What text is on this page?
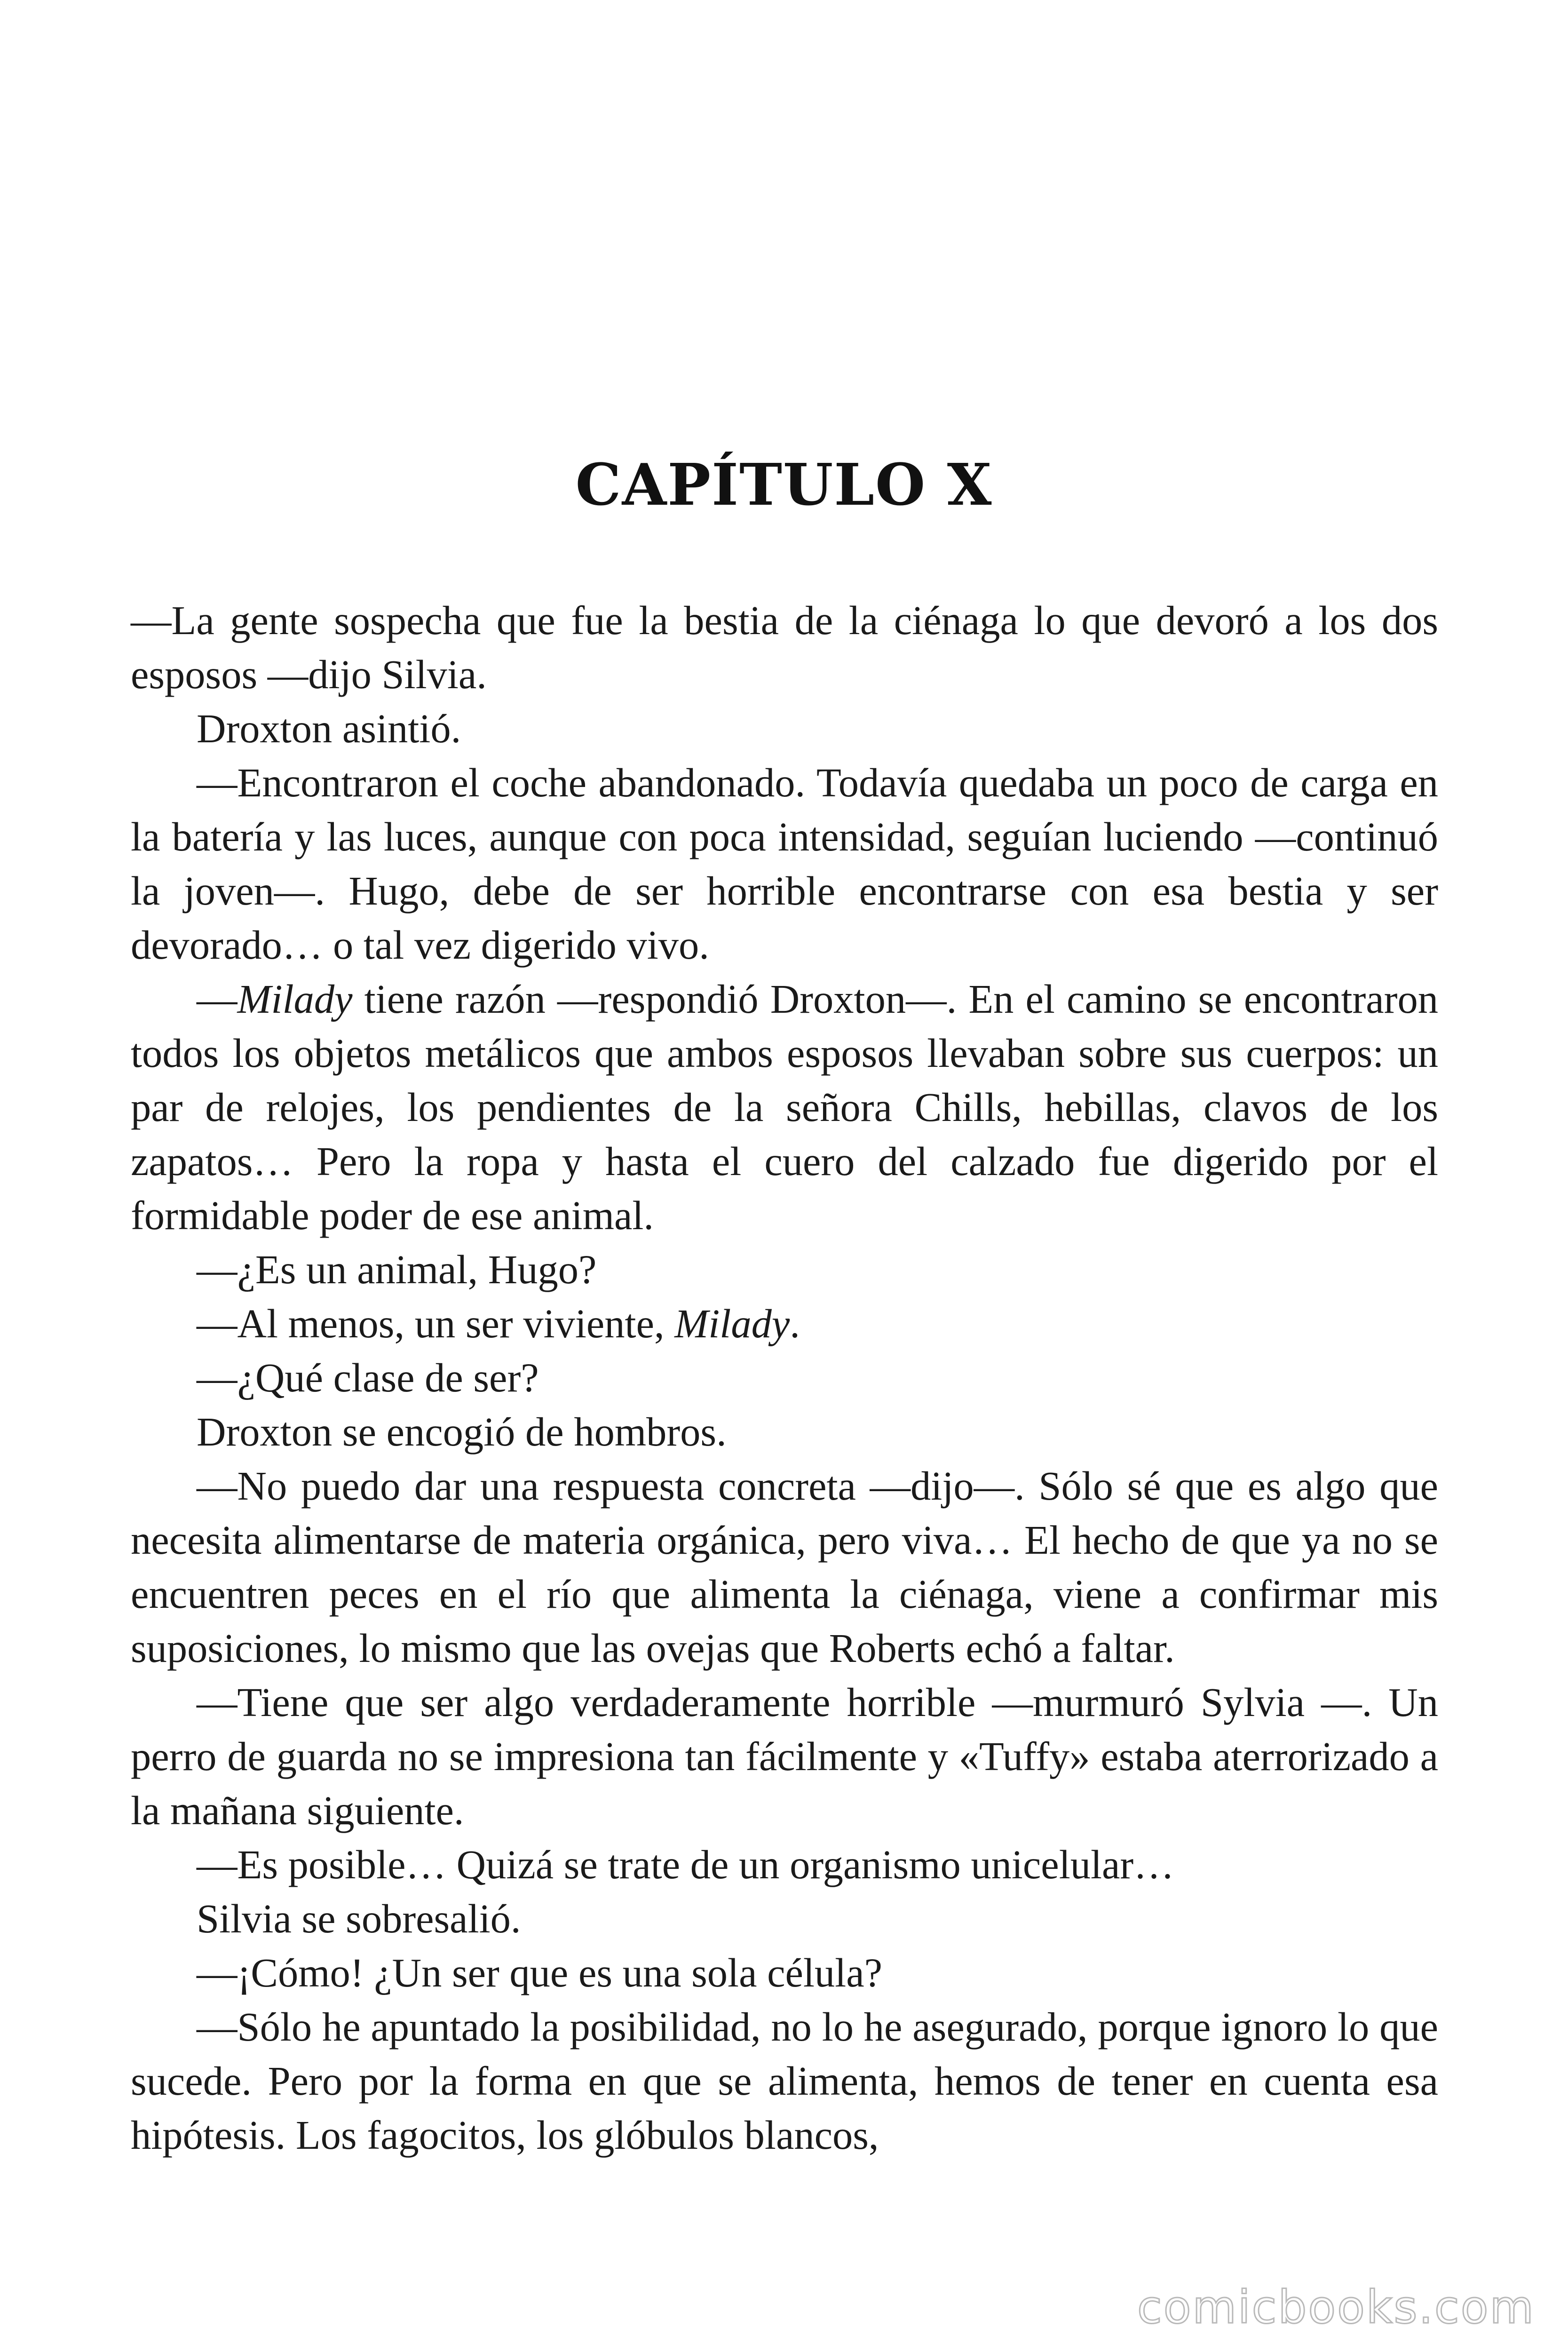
CAPÍTULO X

—La gente sospecha que fue la bestia de la ciénaga lo que devoró a los dos esposos —dijo Silvia.

Droxton asintió.

—Encontraron el coche abandonado. Todavía quedaba un poco de carga en la batería y las luces, aunque con poca intensidad, seguían luciendo —continuó la joven—. Hugo, debe de ser horrible encontrarse con esa bestia y ser devorado… o tal vez digerido vivo.

—Milady tiene razón —respondió Droxton—. En el camino se encontraron todos los objetos metálicos que ambos esposos llevaban sobre sus cuerpos: un par de relojes, los pendientes de la señora Chills, hebillas, clavos de los zapatos… Pero la ropa y hasta el cuero del calzado fue digerido por el formidable poder de ese animal.

—¿Es un animal, Hugo?

—Al menos, un ser viviente, Milady.

—¿Qué clase de ser?

Droxton se encogió de hombros.

—No puedo dar una respuesta concreta —dijo—. Sólo sé que es algo que necesita alimentarse de materia orgánica, pero viva… El hecho de que ya no se encuentren peces en el río que alimenta la ciénaga, viene a confirmar mis suposiciones, lo mismo que las ovejas que Roberts echó a faltar.

—Tiene que ser algo verdaderamente horrible —murmuró Sylvia —. Un perro de guarda no se impresiona tan fácilmente y «Tuffy» estaba aterrorizado a la mañana siguiente.

—Es posible… Quizá se trate de un organismo unicelular…

Silvia se sobresalió.

—¡Cómo! ¿Un ser que es una sola célula?

—Sólo he apuntado la posibilidad, no lo he asegurado, porque ignoro lo que sucede. Pero por la forma en que se alimenta, hemos de tener en cuenta esa hipótesis. Los fagocitos, los glóbulos blancos,

comicbooks.com
